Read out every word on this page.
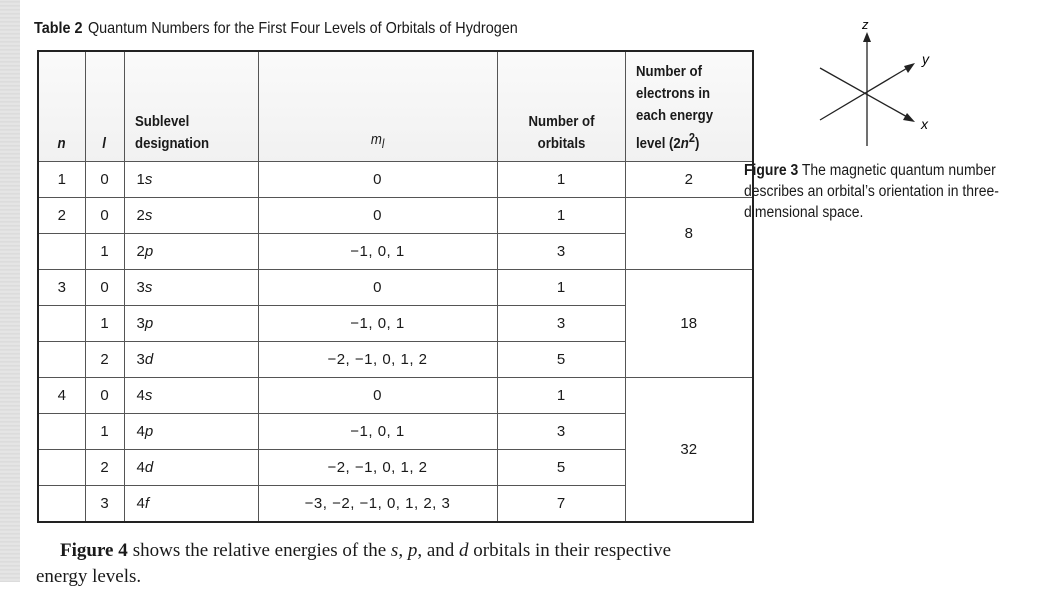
Table 2 Quantum Numbers for the First Four Levels of Orbitals of Hydrogen
n	l	Sublevel designation	$m_l$	Number of orbitals	Number of electrons in each energy level $(2n^2)$
1	0	1s	0	1	2
2	0	2s	0	1	8
	1	2p	−1, 0, 1	3	
3	0	3s	0	1	18
	1	3p	−1, 0, 1	3	
	2	3d	−2, −1, 0, 1, 2	5	
4	0	4s	0	1	32
	1	4p	−1, 0, 1	3	
	2	4d	−2, −1, 0, 1, 2	5	
	3	4f	−3, −2, −1, 0, 1, 2, 3	7	
z
y
x
Figure 3 The magnetic quantum number describes an orbital’s orientation in three-dimensional space.
Figure 4 shows the relative energies of the s, p, and d orbitals in their respective
energy levels.
